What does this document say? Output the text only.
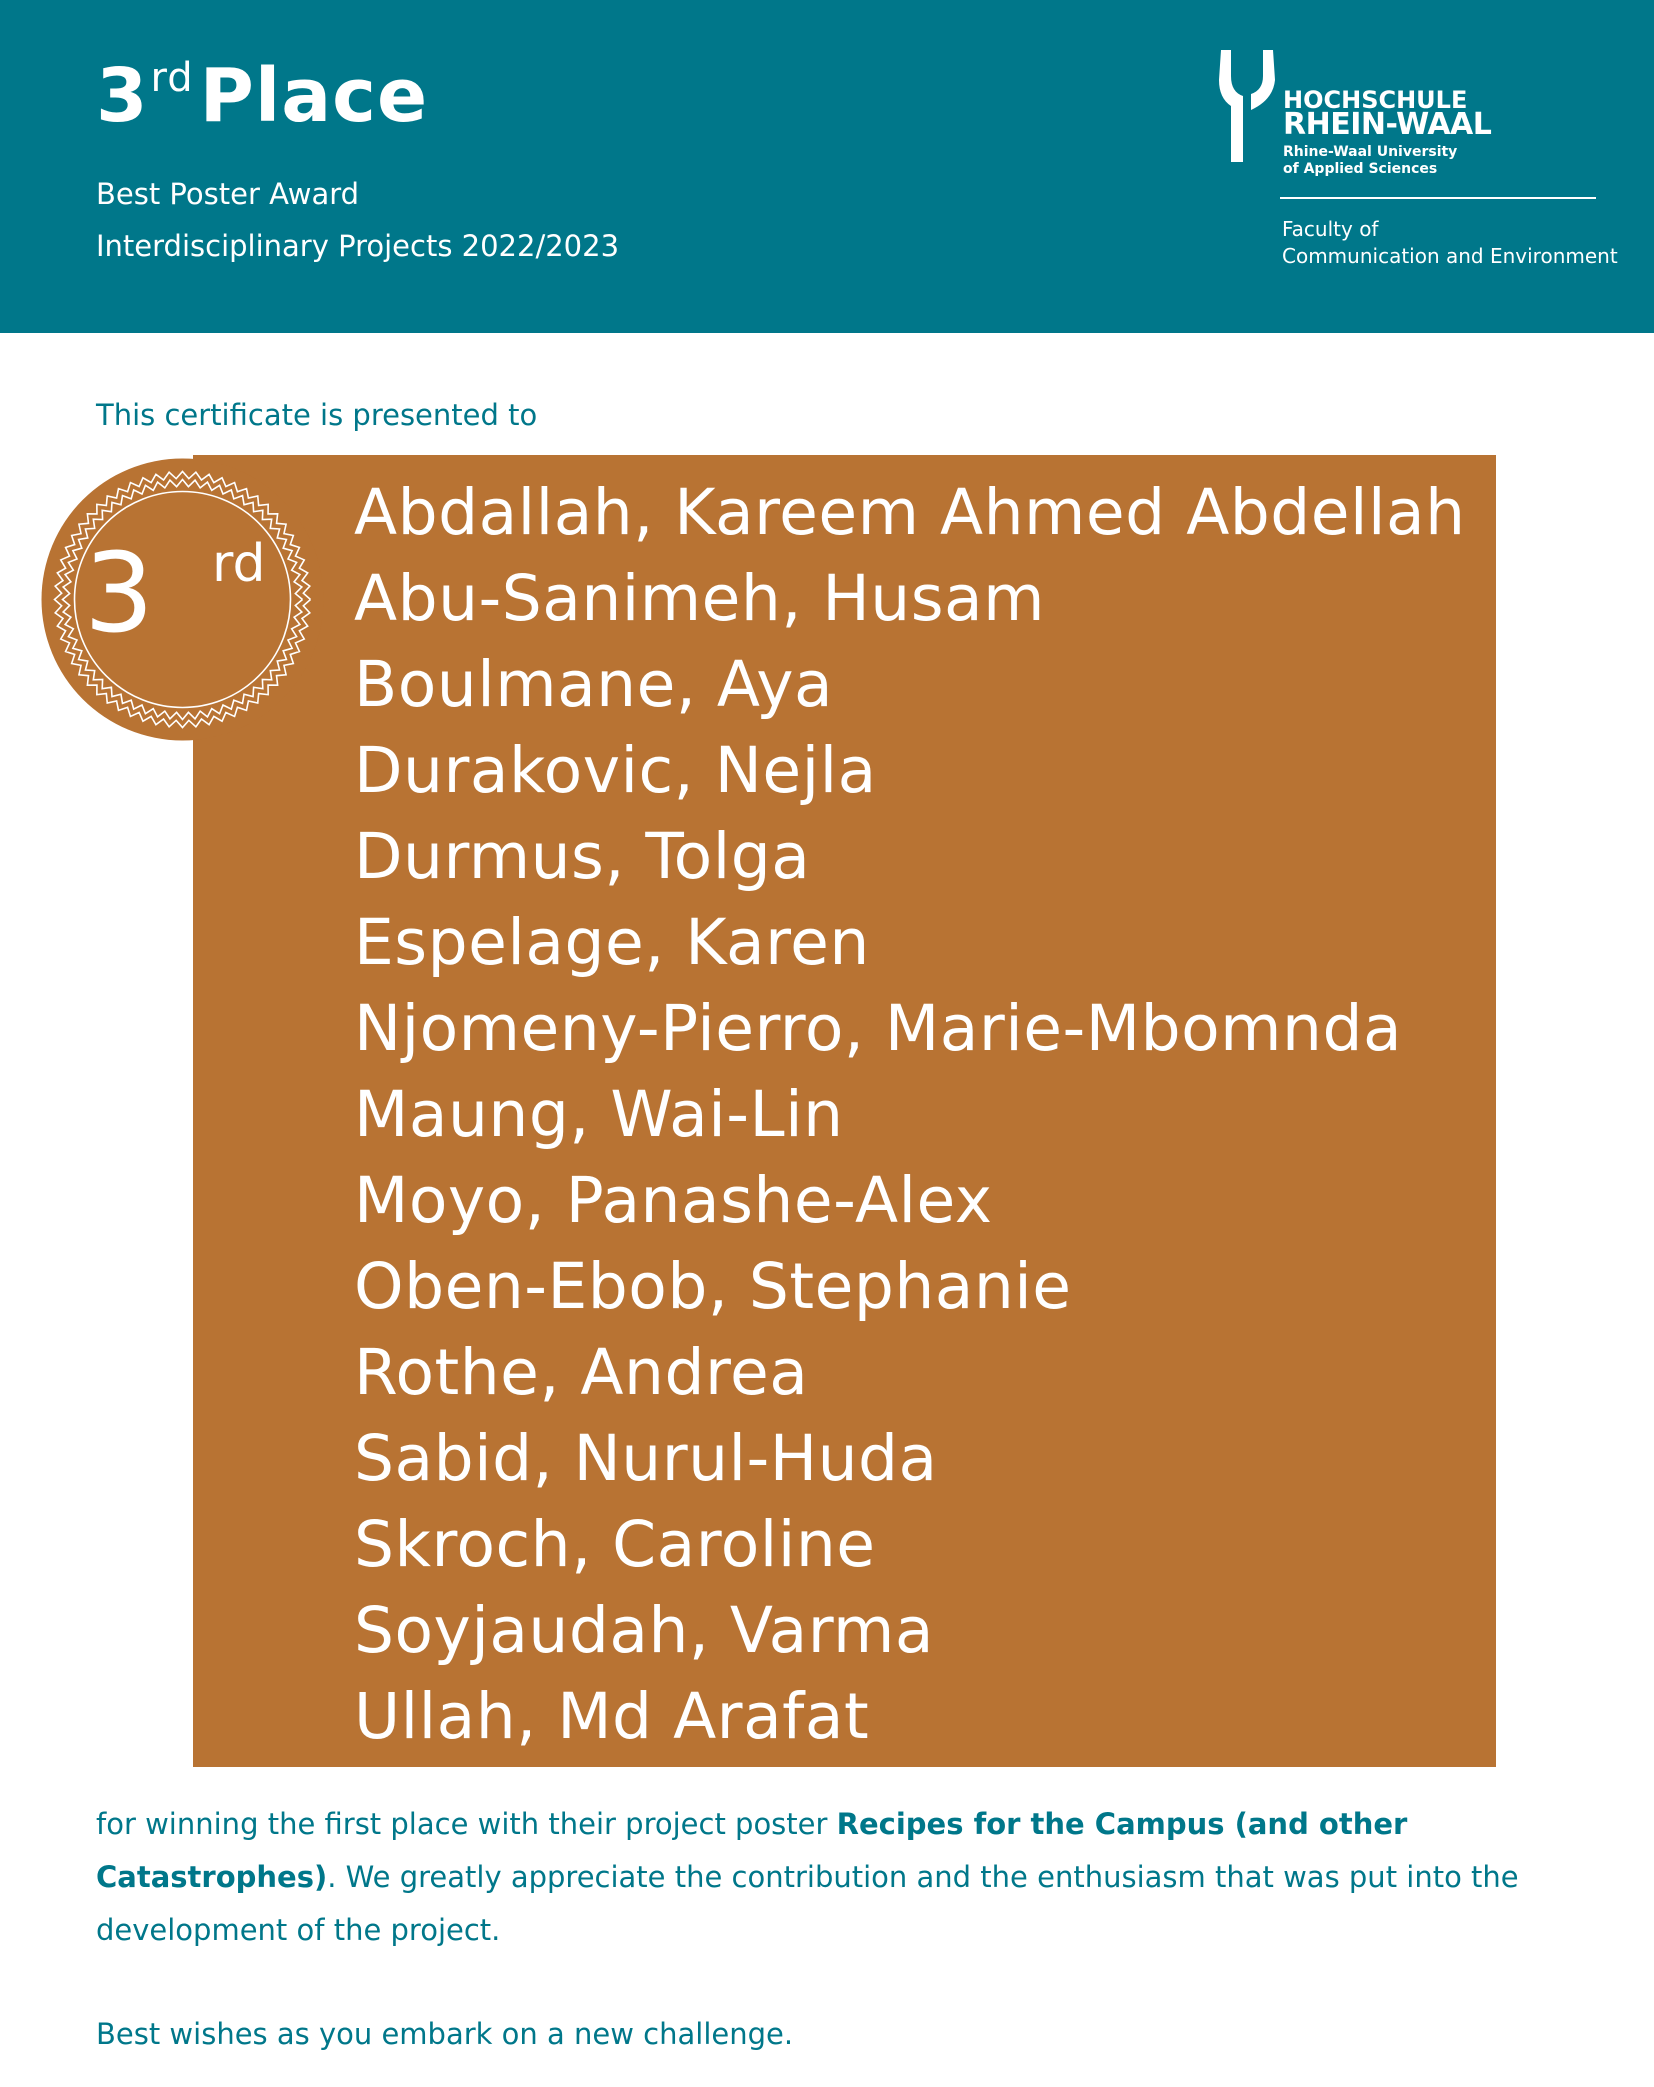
3rdPlace
Best Poster Award
Interdisciplinary Projects 2022/2023
HOCHSCHULE
RHEIN-WAAL
Rhine-Waal University
of Applied Sciences
Faculty of
Communication and Environment
This certificate is presented to
3 rd
Abdallah, Kareem Ahmed Abdellah
Abu-Sanimeh, Husam
Boulmane, Aya
Durakovic, Nejla
Durmus, Tolga
Espelage, Karen
Njomeny-Pierro, Marie-Mbomnda
Maung, Wai-Lin
Moyo, Panashe-Alex
Oben-Ebob, Stephanie
Rothe, Andrea
Sabid, Nurul-Huda
Skroch, Caroline
Soyjaudah, Varma
Ullah, Md Arafat
for winning the first place with their project poster Recipes for the Campus (and other Catastrophes). We greatly appreciate the contribution and the enthusiasm that was put into the development of the project.
Best wishes as you embark on a new challenge.
